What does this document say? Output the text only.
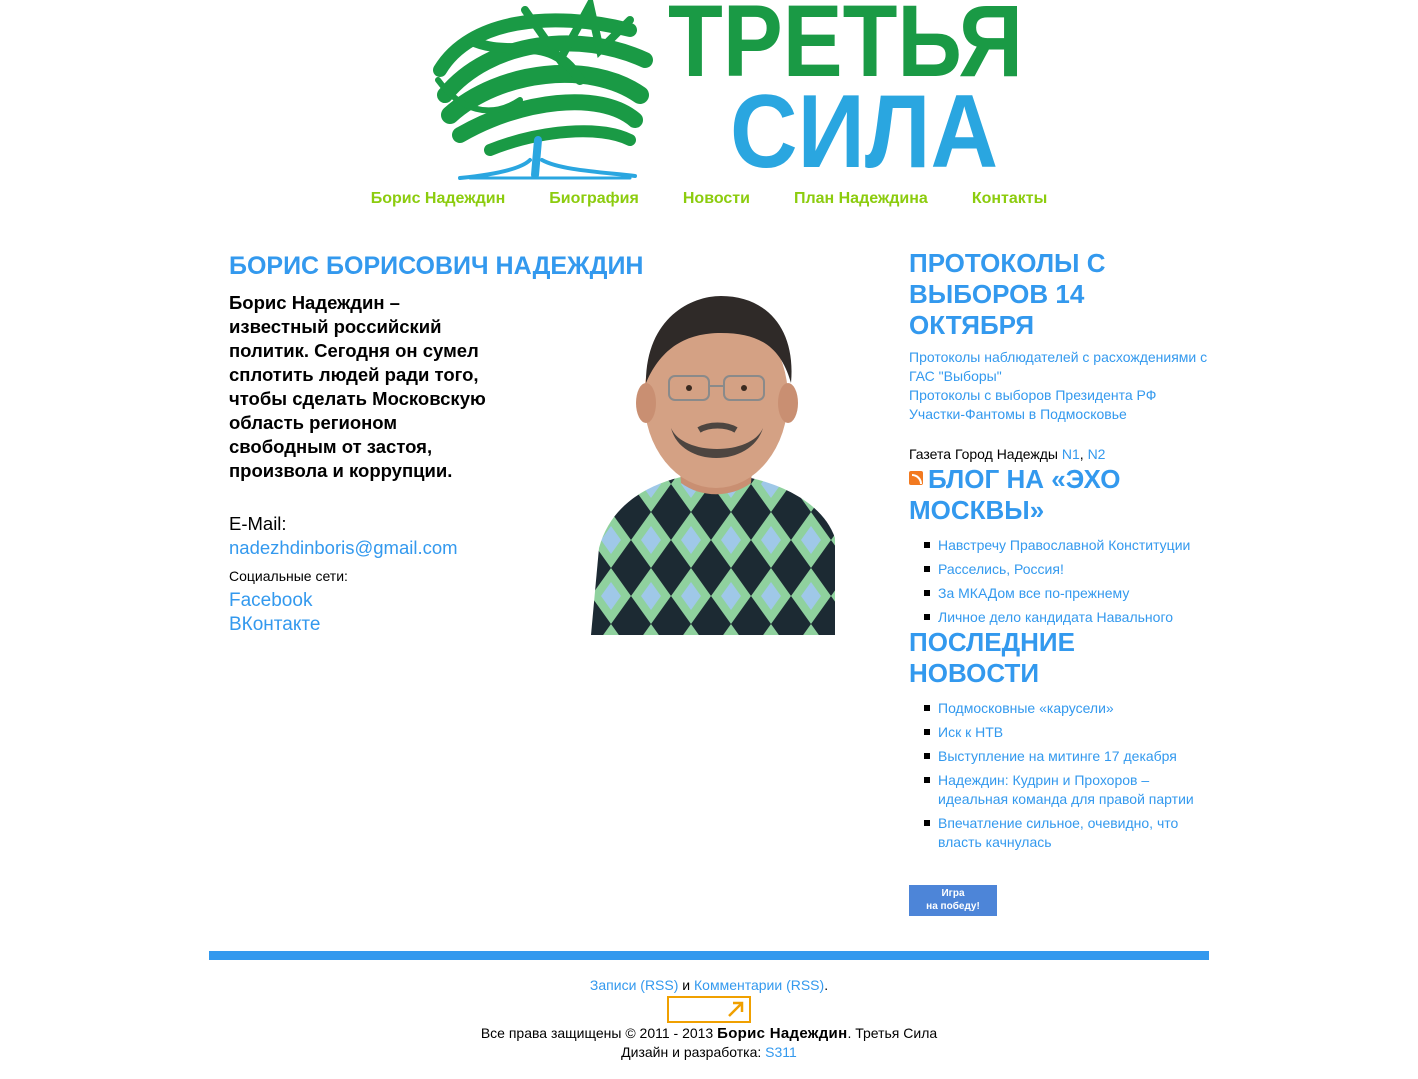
ТРЕТЬЯ
СИЛА
Борис Надеждин	Биография	Новости	План Надеждина	Контакты
БОРИС БОРИСОВИЧ НАДЕЖДИН
Борис Надеждин – известный российский политик. Сегодня он сумел сплотить людей ради того, чтобы сделать Московскую область регионом свободным от застоя, произвола и коррупции.
E-Mail:
nadezhdinboris@gmail.com
Социальные сети:
Facebook
ВКонтакте
ПРОТОКОЛЫ С ВЫБОРОВ 14 ОКТЯБРЯ
Протоколы наблюдателей с расхождениями с ГАС "Выборы"
Протоколы с выборов Президента РФ
Участки-Фантомы в Подмосковье
Газета Город Надежды N1, N2
БЛОГ НА «ЭХО МОСКВЫ»
Навстречу Православной Конституции
Расселись, Россия!
За МКАДом все по-прежнему
Личное дело кандидата Навального
ПОСЛЕДНИЕ НОВОСТИ
Подмосковные «карусели»
Иск к НТВ
Выступление на митинге 17 декабря
Надеждин: Кудрин и Прохоров – идеальная команда для правой партии
Впечатление сильное, очевидно, что власть качнулась
Игра
на победу!
Записи (RSS) и Комментарии (RSS).
Все права защищены © 2011 - 2013 Борис Надеждин. Третья Сила
Дизайн и разработка: S311
